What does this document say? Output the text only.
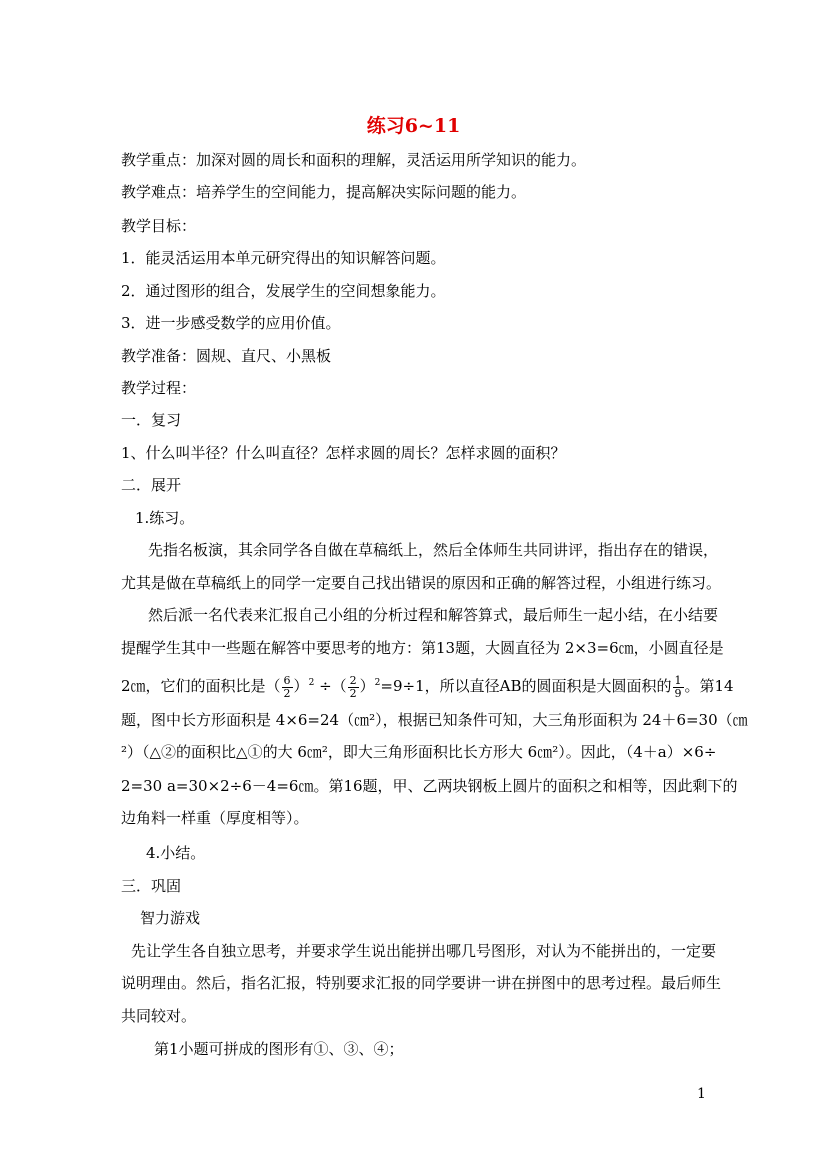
练习6~11
教学重点：加深对圆的周长和面积的理解，灵活运用所学知识的能力。
教学难点：培养学生的空间能力，提高解决实际问题的能力。
教学目标：
1．能灵活运用本单元研究得出的知识解答问题。
2．通过图形的组合，发展学生的空间想象能力。
3．进一步感受数学的应用价值。
教学准备：圆规、直尺、小黑板
教学过程：
一．复习
1、什么叫半径？什么叫直径？怎样求圆的周长？怎样求圆的面积？
二．展开
1.练习。
先指名板演，其余同学各自做在草稿纸上，然后全体师生共同讲评，指出存在的错误，
尤其是做在草稿纸上的同学一定要自己找出错误的原因和正确的解答过程，小组进行练习。
然后派一名代表来汇报自己小组的分析过程和解答算式，最后师生一起小结，在小结要
提醒学生其中一些题在解答中要思考的地方：第13题，大圆直径为 2×3=6㎝，小圆直径是
2㎝，它们的面积比是（ $\frac{6}{2} )^2$ ÷（ $\frac{2}{2} )^2=9\div 1$，所以直径AB的圆面积是大圆面积的 $\frac{1}{9}$ 。第14
题，图中长方形面积是 4×6=24（㎝²），根据已知条件可知，大三角形面积为 24＋6=30（㎝
²）（△②的面积比△①的大 6㎝²，即大三角形面积比长方形大 6㎝²）。因此，（4＋a）×6÷
2=30 a=30×2÷6－4=6㎝。第16题，甲、乙两块钢板上圆片的面积之和相等，因此剩下的
边角料一样重（厚度相等）。
4.小结。
三．巩固
智力游戏
先让学生各自独立思考，并要求学生说出能拼出哪几号图形，对认为不能拼出的，一定要
说明理由。然后，指名汇报，特别要求汇报的同学要讲一讲在拼图中的思考过程。最后师生
共同较对。
第1小题可拼成的图形有①、③、④；
1
